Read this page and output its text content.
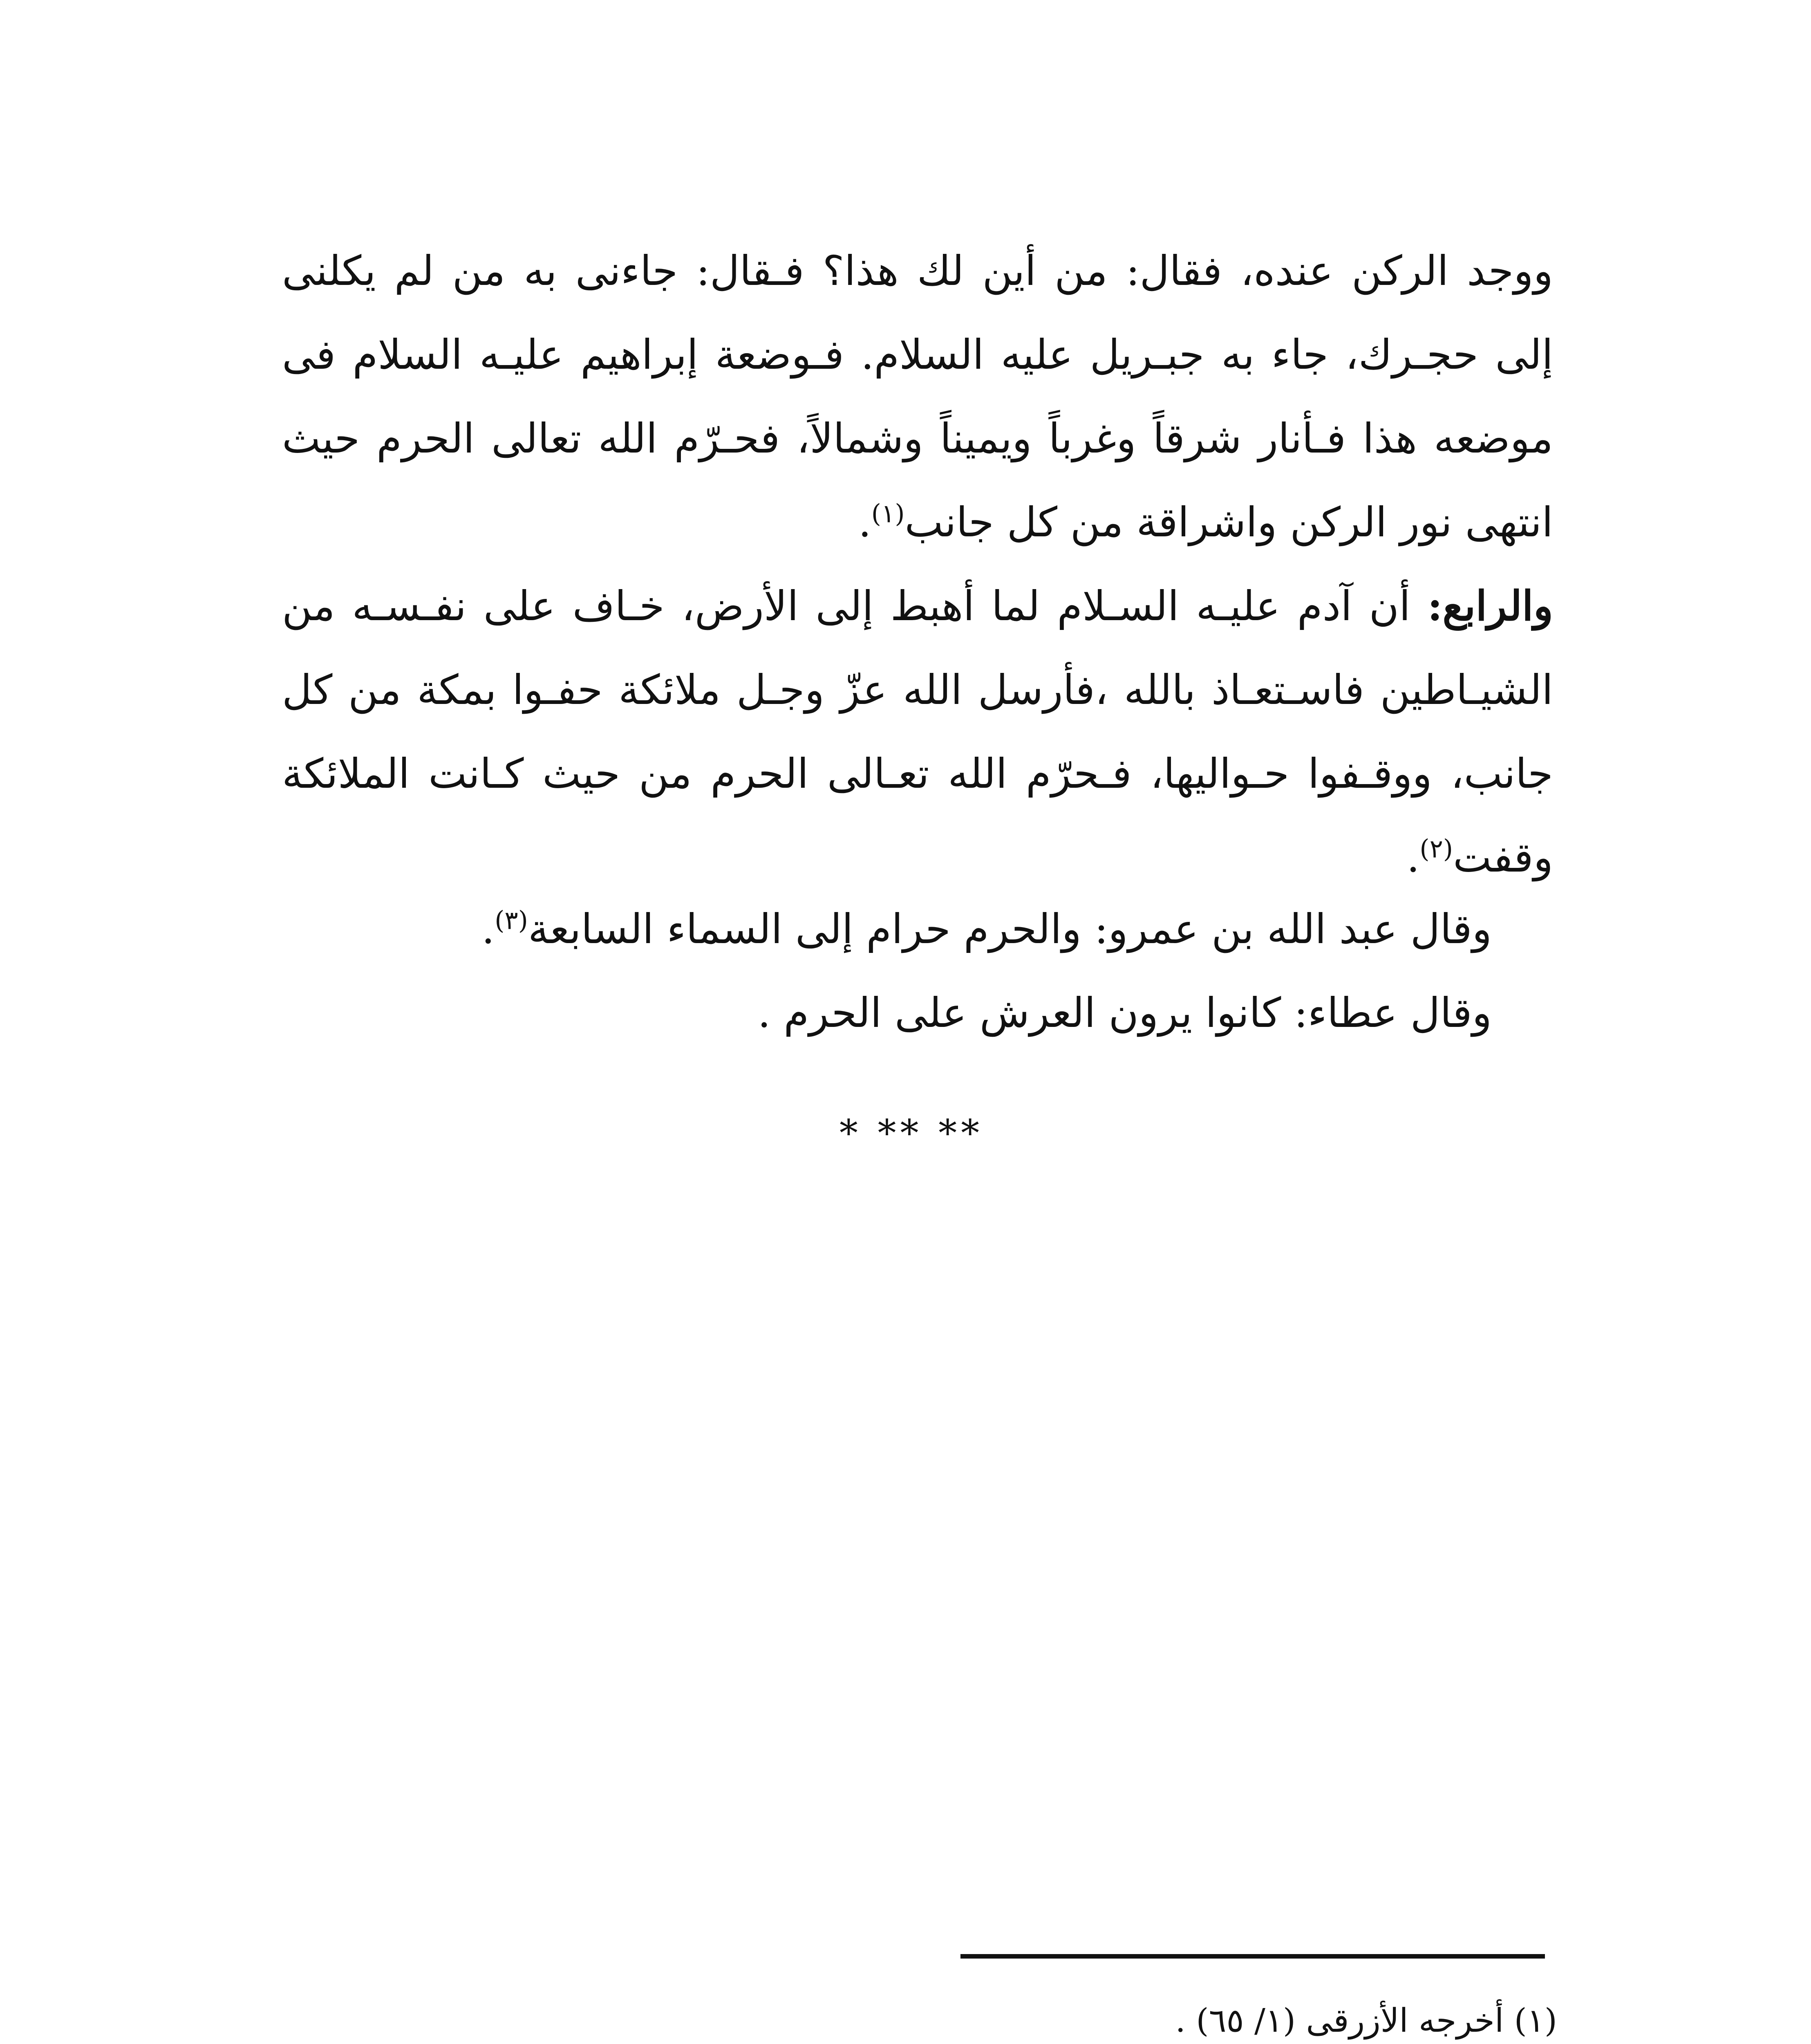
ووجد الركن عنده، فقال: من أين لك هذا؟ فـقال: جاءنى به من لم يكلنى إلى حجـرك، جاء به جبـريل عليه السلام. فـوضعة إبراهيم عليـه السلام فى موضعه هذا فـأنار شرقاً وغرباً ويميناً وشمالاً، فحـرّم الله تعالى الحرم حيث انتهى نور الركن واشراقة من كل جانب$^{(١)}$.

والرابع: أن آدم عليـه السـلام لما أهبط إلى الأرض، خـاف على نفـسـه من الشيـاطين فاسـتعـاذ بالله ،فأرسل الله عزّ وجـل ملائكة حفـوا بمكة من كل جانب، ووقـفوا حـواليها، فـحرّم الله تعـالى الحرم من حيث كـانت الملائكة وقفت$^{(٢)}$.

وقال عبد الله بن عمرو: والحرم حرام إلى السماء السابعة$^{(٣)}$.

وقال عطاء: كانوا يرون العرش على الحرم .

* ** **

(١) أخرجه الأزرقى (١/ ٦٥) .
